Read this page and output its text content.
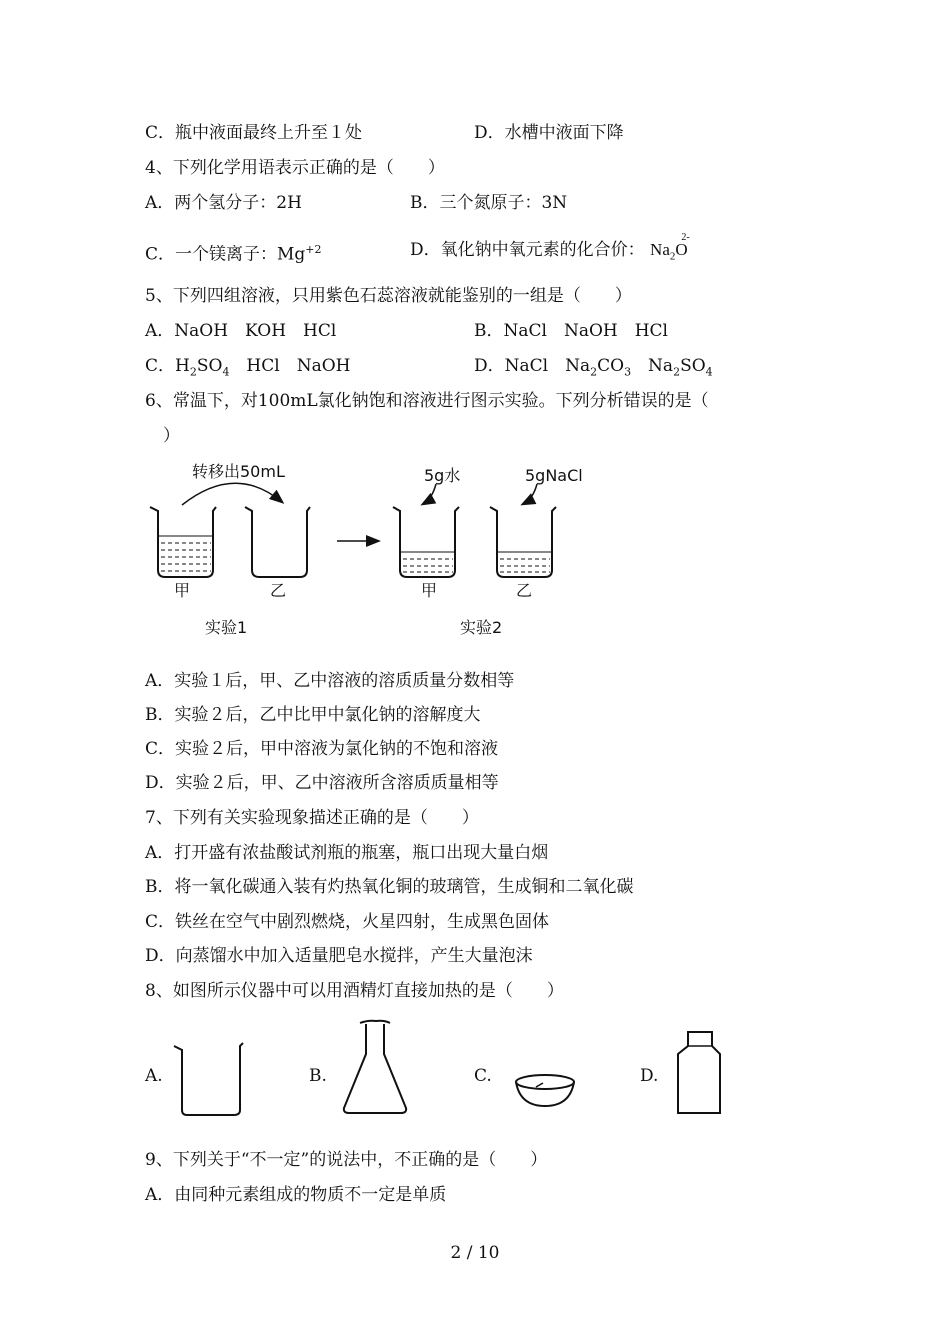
C．瓶中液面最终上升至１处	D．水槽中液面下降
4、下列化学用语表示正确的是（　　）
A．两个氢分子：2H	B．三个氮原子：3N
C．一个镁离子：$Mg^{+2}$	D．氧化钠中氧元素的化合价： $Na_2O$
2-
5、下列四组溶液，只用紫色石蕊溶液就能鉴别的一组是（　　）
A．NaOH　KOH　HCl	B．NaCl　NaOH　HCl
C．$H_2SO_4$　HCl　NaOH	D．NaCl　$Na_2CO_3$　$Na_2SO_4$
6、常温下，对100mL氯化钠饱和溶液进行图示实验。下列分析错误的是（
）
转移出50mL
甲	乙
实验1
5g水	5gNaCl
甲	乙
实验2
A．实验１后，甲、乙中溶液的溶质质量分数相等
B．实验２后，乙中比甲中氯化钠的溶解度大
C．实验２后，甲中溶液为氯化钠的不饱和溶液
D．实验２后，甲、乙中溶液所含溶质质量相等
7、下列有关实验现象描述正确的是（　　）
A．打开盛有浓盐酸试剂瓶的瓶塞，瓶口出现大量白烟
B．将一氧化碳通入装有灼热氧化铜的玻璃管，生成铜和二氧化碳
C．铁丝在空气中剧烈燃烧，火星四射，生成黑色固体
D．向蒸馏水中加入适量肥皂水搅拌，产生大量泡沫
8、如图所示仪器中可以用酒精灯直接加热的是（　　）
A.	B.	C.	D.
9、下列关于“不一定”的说法中，不正确的是（　　）
A．由同种元素组成的物质不一定是单质
2 / 10
